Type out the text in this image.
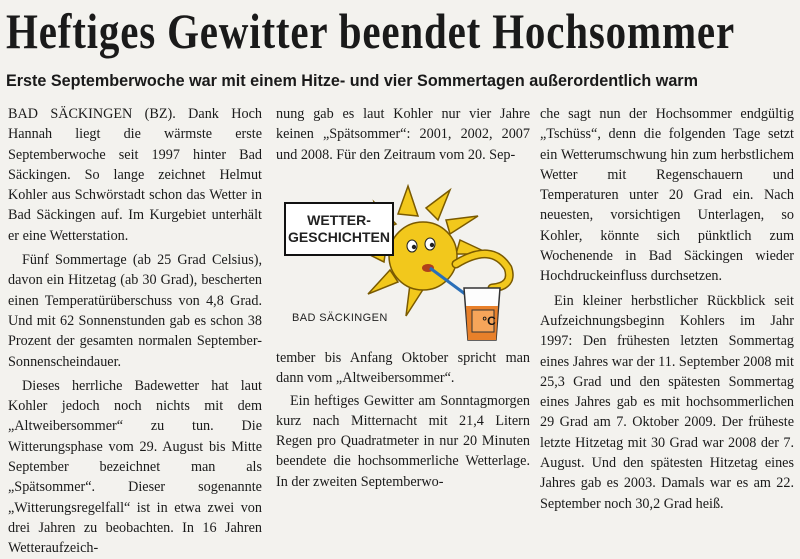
Heftiges Gewitter beendet Hochsommer
Erste Septemberwoche war mit einem Hitze- und vier Sommertagen außerordentlich warm

BAD SÄCKINGEN (BZ). Dank Hoch Hannah liegt die wärmste erste Septemberwoche seit 1997 hinter Bad Säckingen. So lange zeichnet Helmut Kohler aus Schwörstadt schon das Wetter in Bad Säckingen auf. Im Kurgebiet unterhält er eine Wetterstation.

Fünf Sommertage (ab 25 Grad Celsius), davon ein Hitzetag (ab 30 Grad), bescherten einen Temperatürüberschuss von 4,8 Grad. Und mit 62 Sonnenstunden gab es schon 38 Prozent der gesamten normalen September-Sonnenscheindauer.

Dieses herrliche Badewetter hat laut Kohler jedoch noch nichts mit dem „Altweibersommer“ zu tun. Die Witterungsphase vom 29. August bis Mitte September bezeichnet man als „Spätsommer“. Dieser sogenannte „Witterungsregelfall“ ist in etwa zwei von drei Jahren zu beobachten. In 16 Jahren Wetteraufzeich-

nung gab es laut Kohler nur vier Jahre keinen „Spätsommer“: 2001, 2002, 2007 und 2008. Für den Zeitraum vom 20. Sep-

WETTER-
GESCHICHTEN
BAD SÄCKINGEN	°C

tember bis Anfang Oktober spricht man dann vom „Altweibersommer“.

Ein heftiges Gewitter am Sonntagmorgen kurz nach Mitternacht mit 21,4 Litern Regen pro Quadratmeter in nur 20 Minuten beendete die hochsommerliche Wetterlage. In der zweiten Septemberwo-

che sagt nun der Hochsommer endgültig „Tschüss“, denn die folgenden Tage setzt ein Wetterumschwung hin zum herbstlichem Wetter mit Regenschauern und Temperaturen unter 20 Grad ein. Nach neuesten, vorsichtigen Unterlagen, so Kohler, könnte sich pünktlich zum Wochenende in Bad Säckingen wieder Hochdruckeinfluss durchsetzen.

Ein kleiner herbstlicher Rückblick seit Aufzeichnungsbeginn Kohlers im Jahr 1997: Den frühesten letzten Sommertag eines Jahres war der 11. September 2008 mit 25,3 Grad und den spätesten Sommertag eines Jahres gab es mit hochsommerlichen 29 Grad am 7. Oktober 2009. Der früheste letzte Hitzetag mit 30 Grad war 2008 der 7. August. Und den spätesten Hitzetag eines Jahres gab es 2003. Damals war es am 22. September noch 30,2 Grad heiß.
